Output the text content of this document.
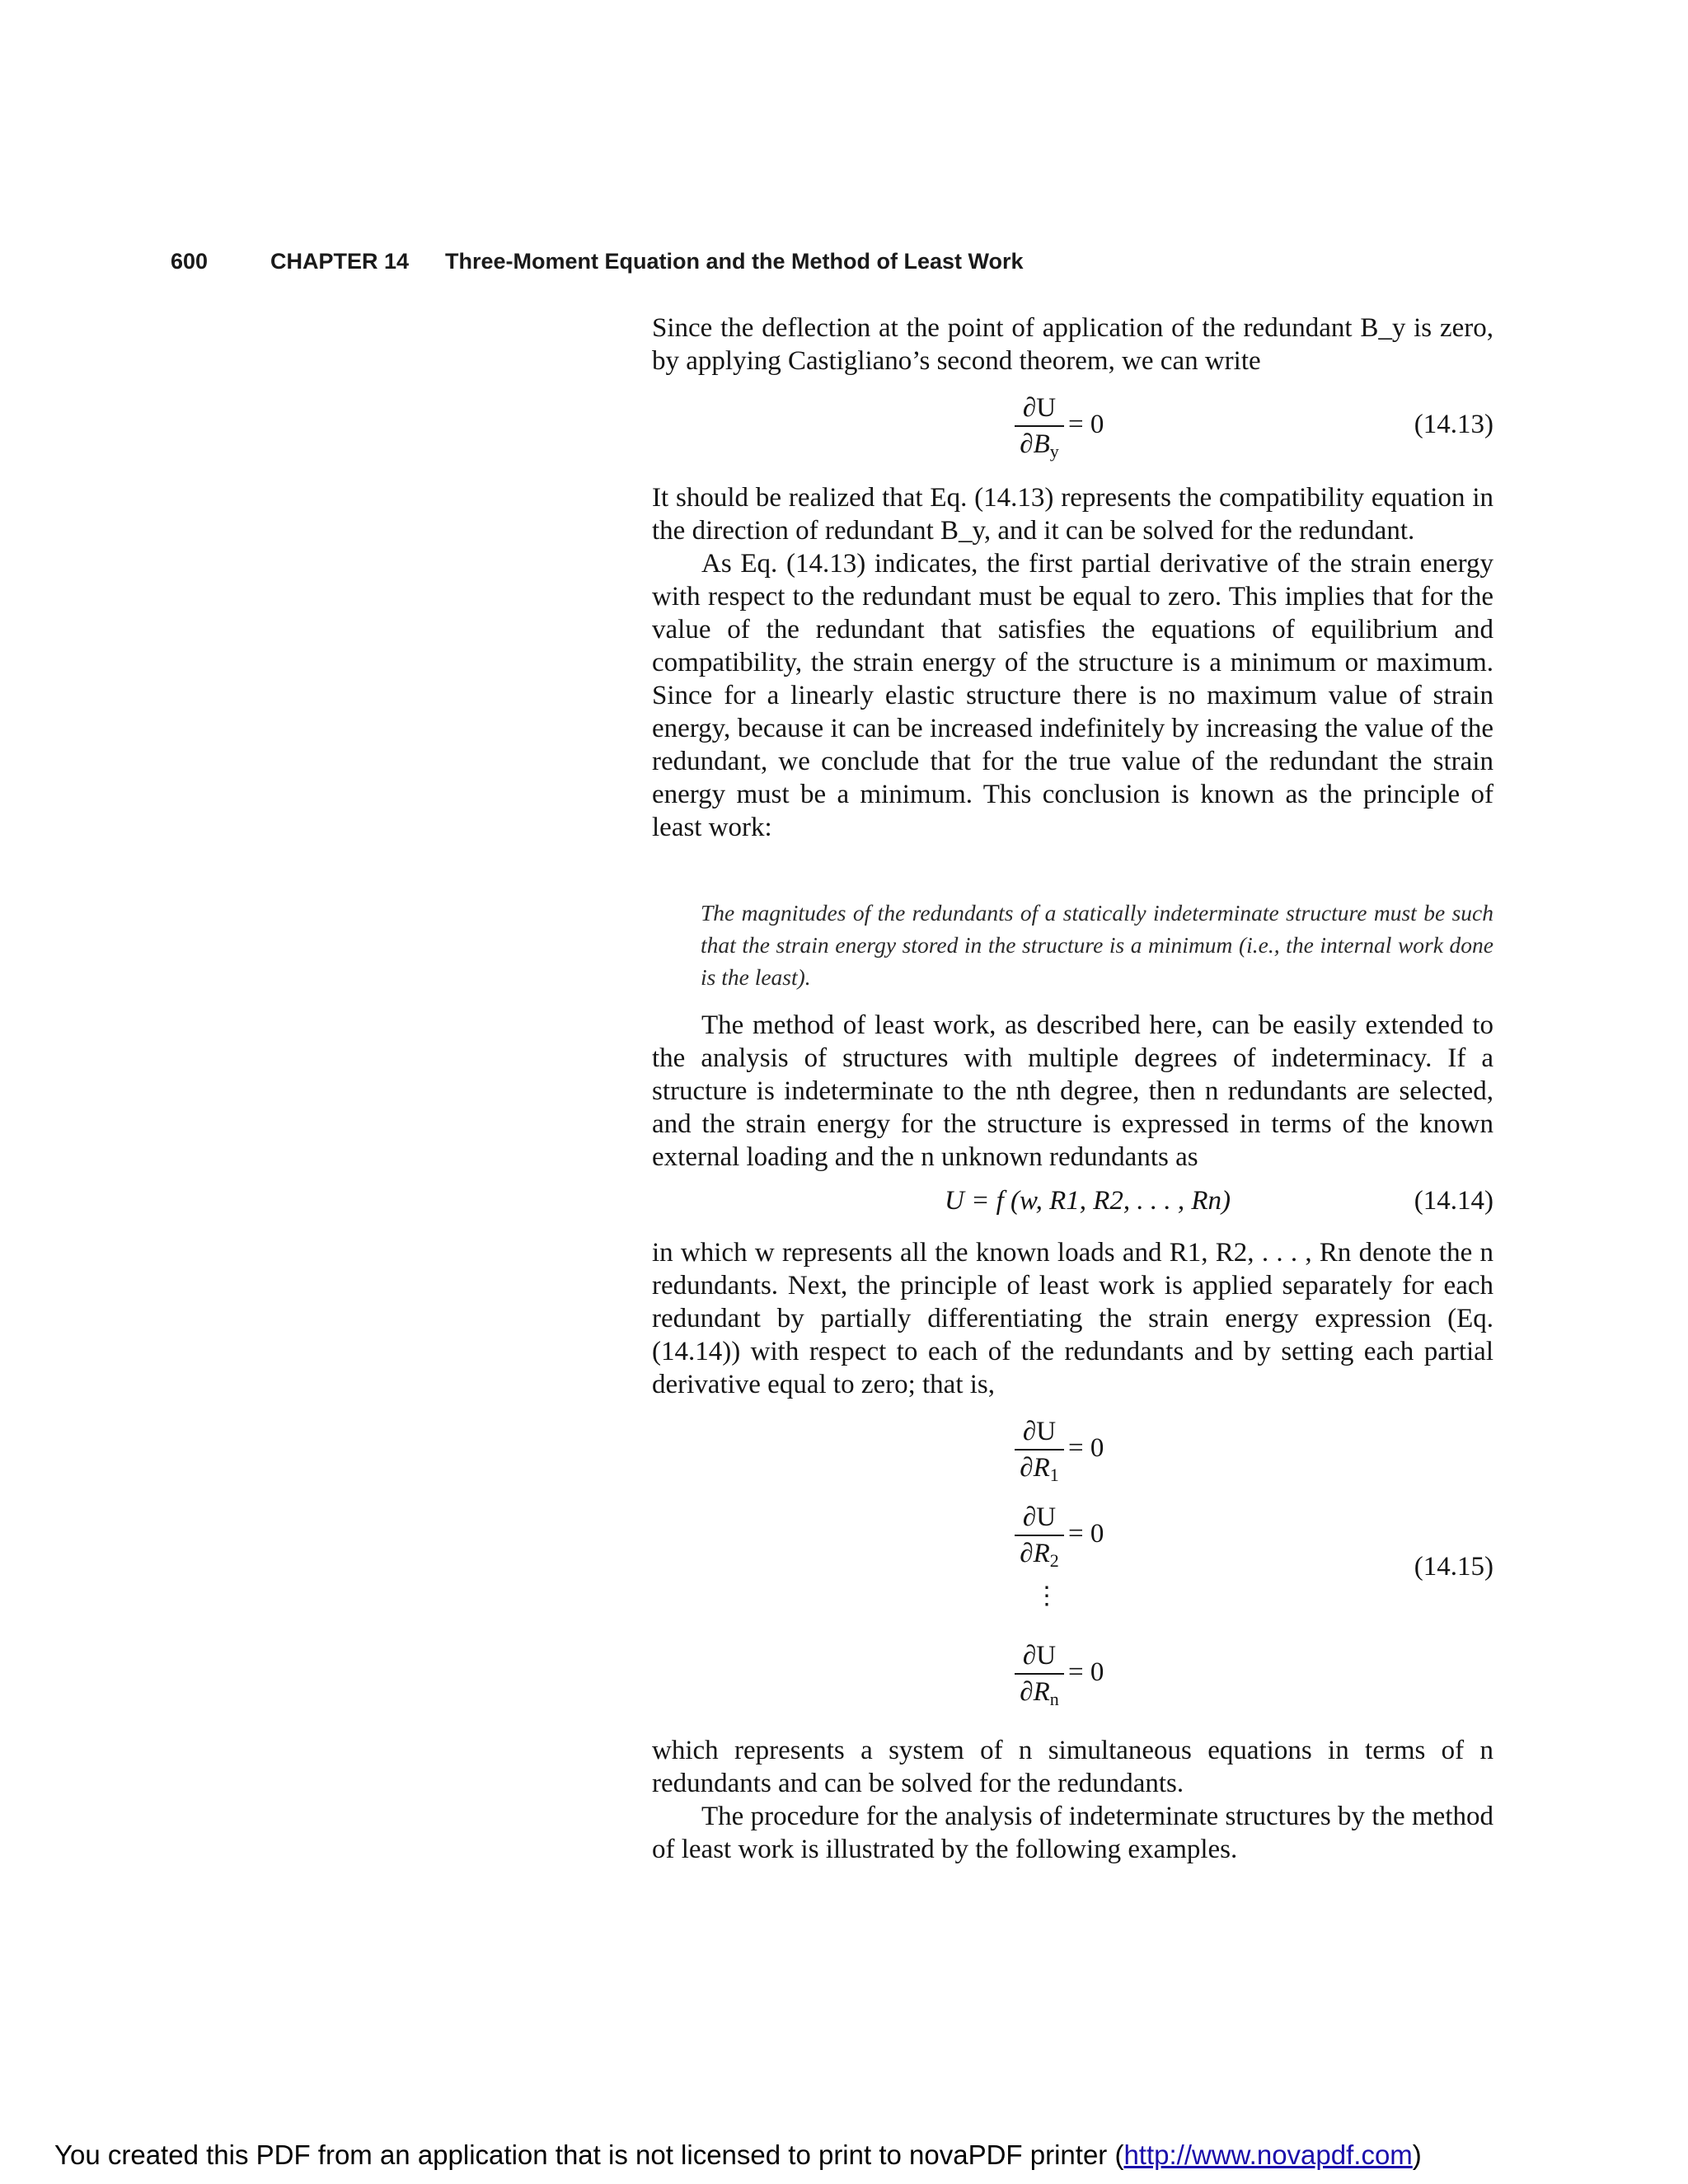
600	CHAPTER 14 Three-Moment Equation and the Method of Least Work

Since the deflection at the point of application of the redundant B_y is zero, by applying Castigliano’s second theorem, we can write

∂U
$\partial B_y$
= 0	(14.13)

It should be realized that Eq. (14.13) represents the compatibility equation in the direction of redundant B_y, and it can be solved for the redundant.

As Eq. (14.13) indicates, the first partial derivative of the strain energy with respect to the redundant must be equal to zero. This implies that for the value of the redundant that satisfies the equations of equilibrium and compatibility, the strain energy of the structure is a minimum or maximum. Since for a linearly elastic structure there is no maximum value of strain energy, because it can be increased indefinitely by increasing the value of the redundant, we conclude that for the true value of the redundant the strain energy must be a minimum. This conclusion is known as the principle of least work:

The magnitudes of the redundants of a statically indeterminate structure must be such that the strain energy stored in the structure is a minimum (i.e., the internal work done is the least).

The method of least work, as described here, can be easily extended to the analysis of structures with multiple degrees of indeterminacy. If a structure is indeterminate to the nth degree, then n redundants are selected, and the strain energy for the structure is expressed in terms of the known external loading and the n unknown redundants as

U = f (w, R1, R2, . . . , Rn)	(14.14)

in which w represents all the known loads and R1, R2, . . . , Rn denote the n redundants. Next, the principle of least work is applied separately for each redundant by partially differentiating the strain energy expression (Eq. (14.14)) with respect to each of the redundants and by setting each partial derivative equal to zero; that is,

∂U
$\partial R_1$
= 0
∂U
$\partial R_2$
= 0
(14.15)
⋮
∂U
$\partial R_n$
= 0

which represents a system of n simultaneous equations in terms of n redundants and can be solved for the redundants.

The procedure for the analysis of indeterminate structures by the method of least work is illustrated by the following examples.

You created this PDF from an application that is not licensed to print to novaPDF printer (http://www.novapdf.com)
